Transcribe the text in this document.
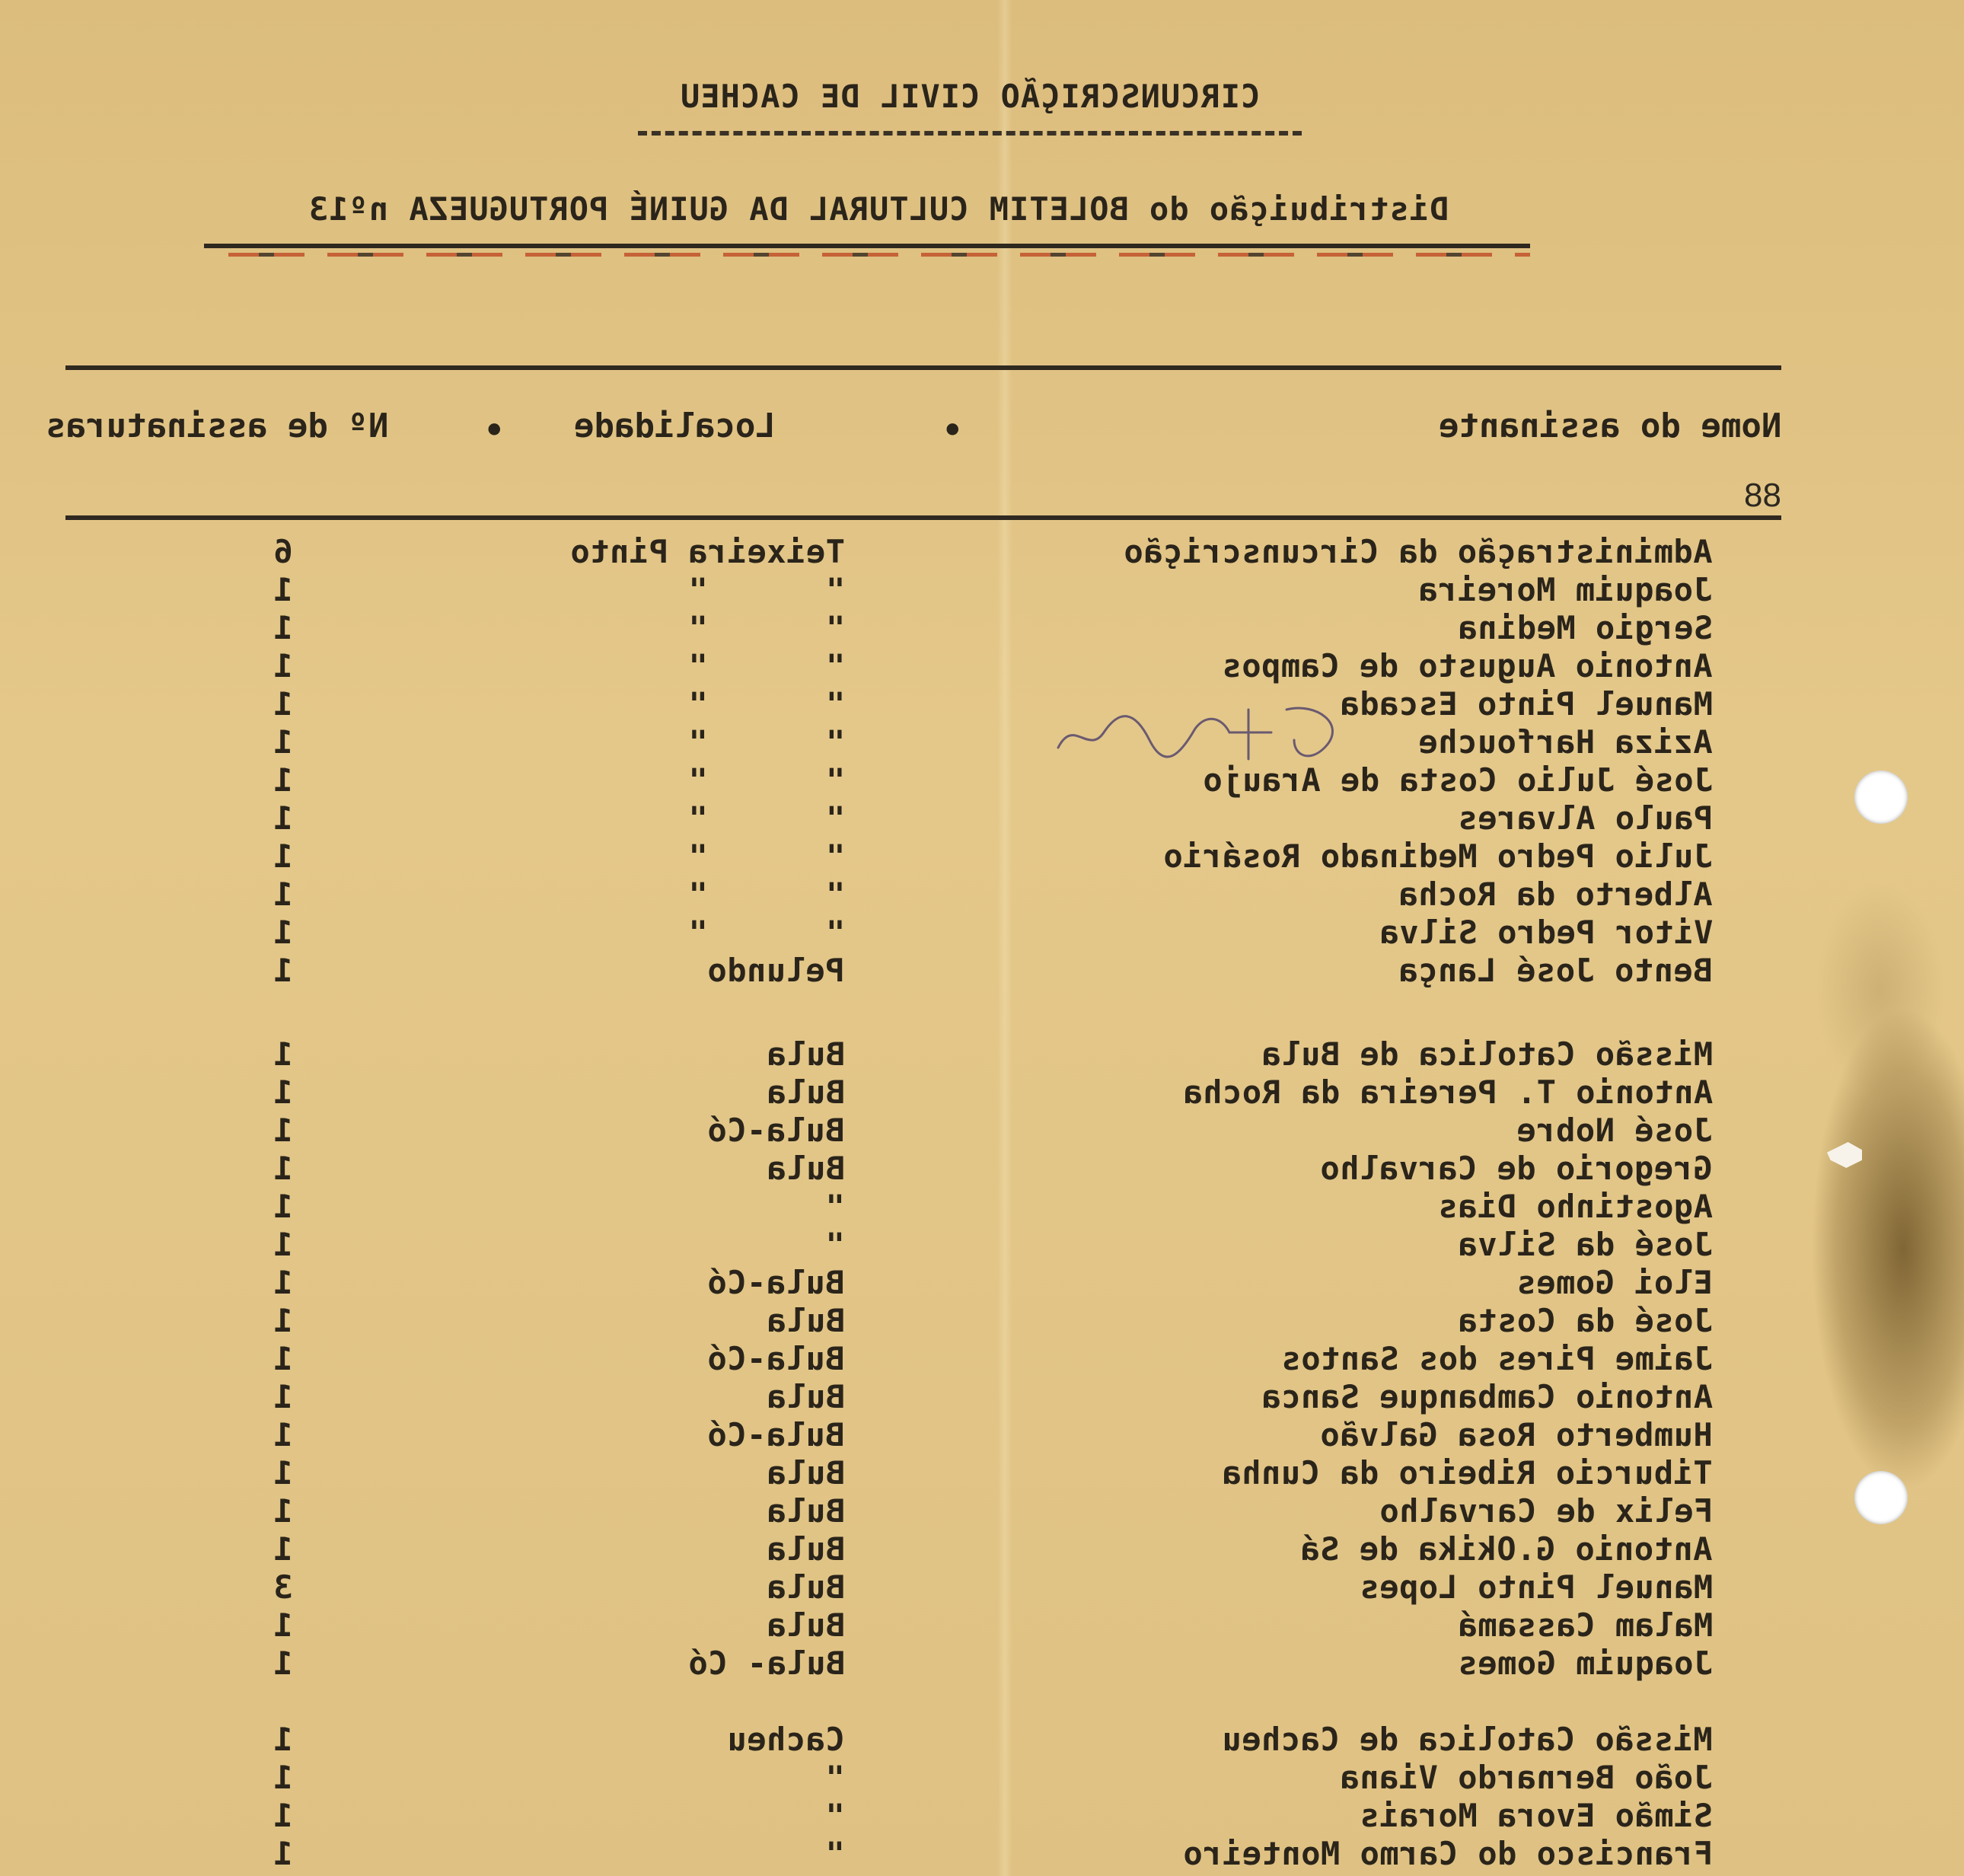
CIRCUNSCRIÇÃO CIVIL DE CACHEU
Distribuição do BOLETIM CULTURAL DA GUINÉ PORTUGUEZA nº13
Nome do assinante
•
Localidade
•
Nº de assinaturas
88
Administração da Circunscrição
Teixeira Pinto
6
Joaquim Moreira
"      "
1
Sergio Medina
"      "
1
Antonio Augusto de Campos
"      "
1
Manuel Pinto Escada
"      "
1
Aziza Harfouche
"      "
1
José Julio Costa de Araujo
"      "
1
Paulo Alvares
"      "
1
Julio Pedro Medinado Rosário
"      "
1
Alberto da Rocha
"      "
1
Vitor Pedro Silva
"      "
1
Bento José Lança
Pelundo
1
Missão Catolica de Bula
Bula
1
Antonio T. Pereira da Rocha
Bula
1
José Nobre
Bula-Có
1
Gregorio de Carvalho
Bula
1
Agostinho Dias
"
1
José da Silva
"
1
Eloi Gomes
Bula-Có
1
José da Costa
Bula
1
Jaime Pires dos Santos
Bula-Có
1
Antonio Cambanque Sanca
Bula
1
Humberto Rosa Galvão
Bula-Có
1
Tiburcio Ribeiro da Cunha
Bula
1
Felix de Carvalho
Bula
1
Antonio G.Okika de Sá
Bula
1
Manuel Pinto Lopes
Bula
3
Malam Cassamá
Bula
1
Joaquim Gomes
Bula- Có
1
Missão Catolica de Cacheu
Cacheu
1
João Bernardo Viana
"
1
Simão Evora Morais
"
1
Francisco do Carmo Monteiro
"
1
